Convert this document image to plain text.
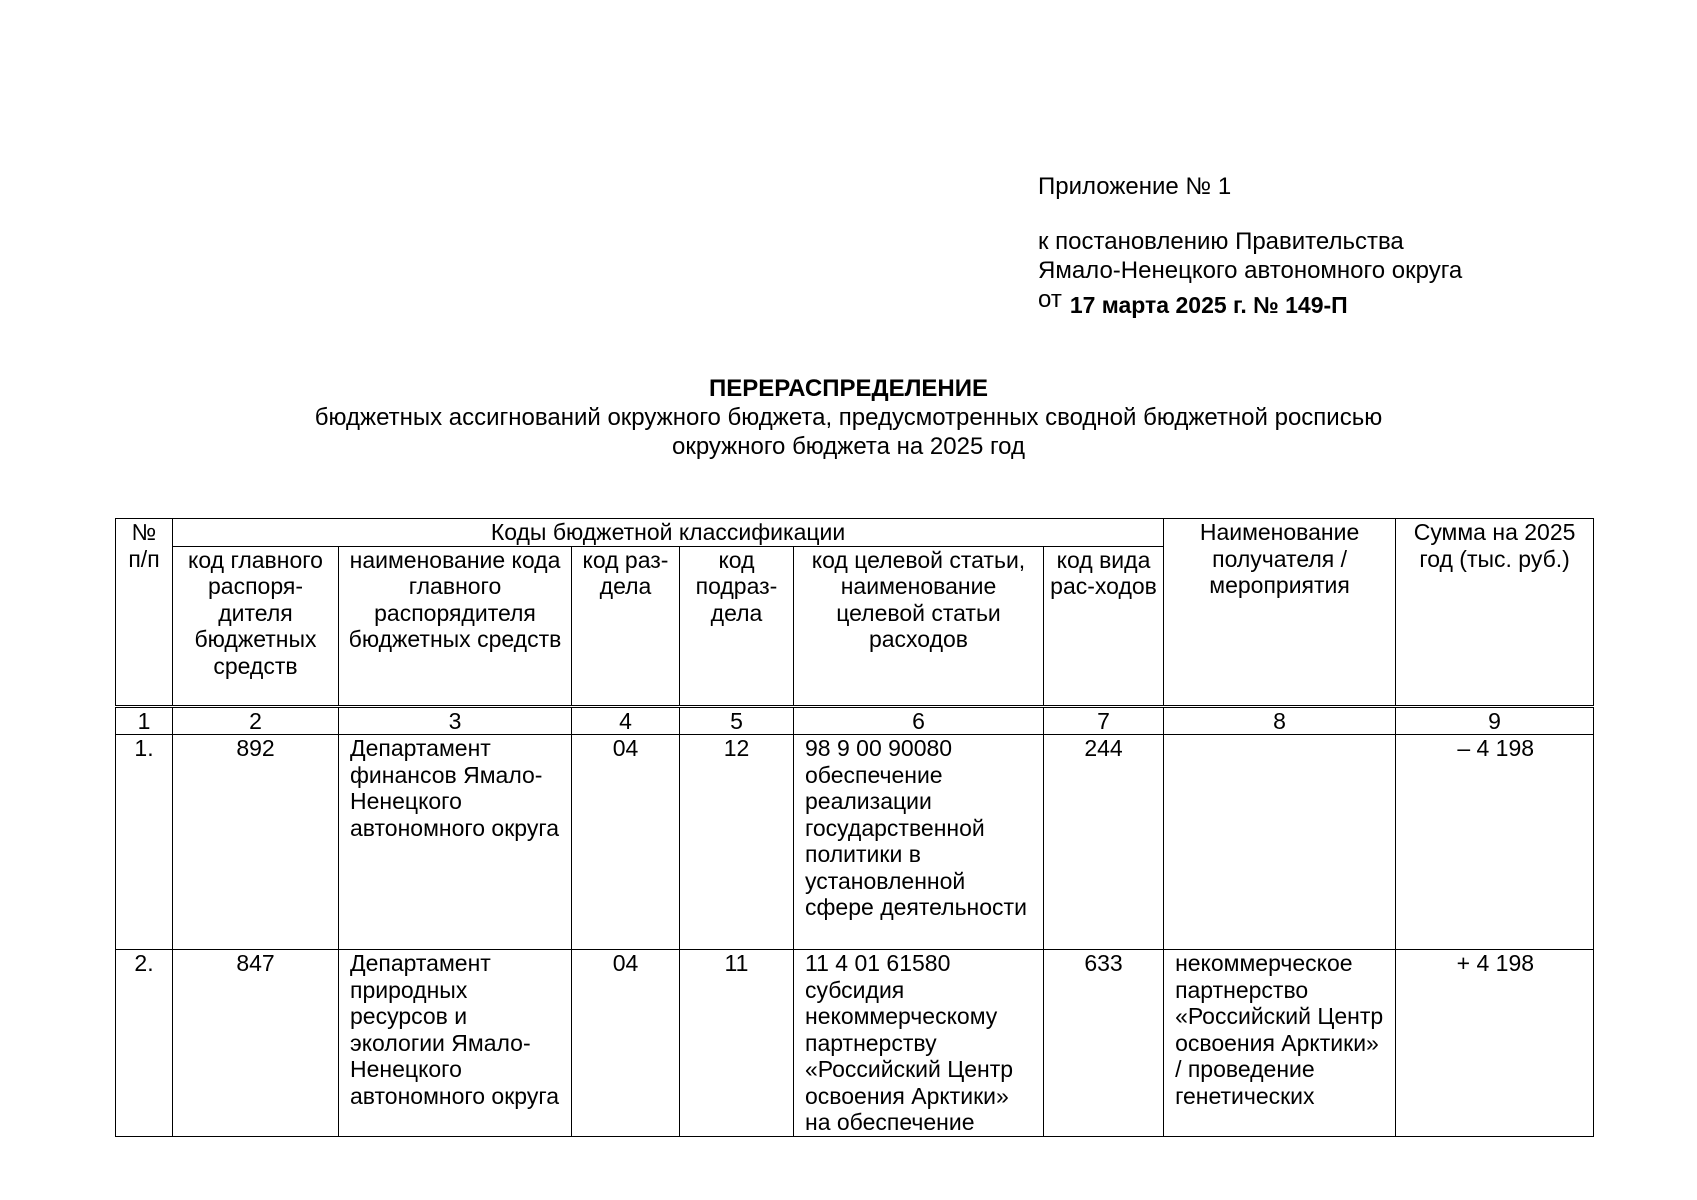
Приложение № 1
к постановлению Правительства
Ямало-Ненецкого автономного округа
от 17 марта 2025 г. № 149-П
ПЕРЕРАСПРЕДЕЛЕНИЕ
бюджетных ассигнований окружного бюджета, предусмотренных сводной бюджетной росписью
окружного бюджета на 2025 год
№ п/п	Коды бюджетной классификации						Наименование получателя / мероприятия	Сумма на 2025 год (тыс. руб.)
	код главного распоря-дителя бюджетных средств	наименование кода главного распорядителя бюджетных средств	код раз-дела	код подраз-дела	код целевой статьи, наименование целевой статьи расходов	код вида рас-ходов		
1	2	3	4	5	6	7	8	9
1.	892	Департамент финансов Ямало-Ненецкого автономного округа	04	12	98 9 00 90080 обеспечение реализации государственной политики в установленной сфере деятельности	244		– 4 198
2.	847	Департамент природных ресурсов и экологии Ямало-Ненецкого автономного округа	04	11	11 4 01 61580 субсидия некоммерческому партнерству «Российский Центр освоения Арктики» на обеспечение	633	некоммерческое партнерство «Российский Центр освоения Арктики» / проведение генетических	+ 4 198
